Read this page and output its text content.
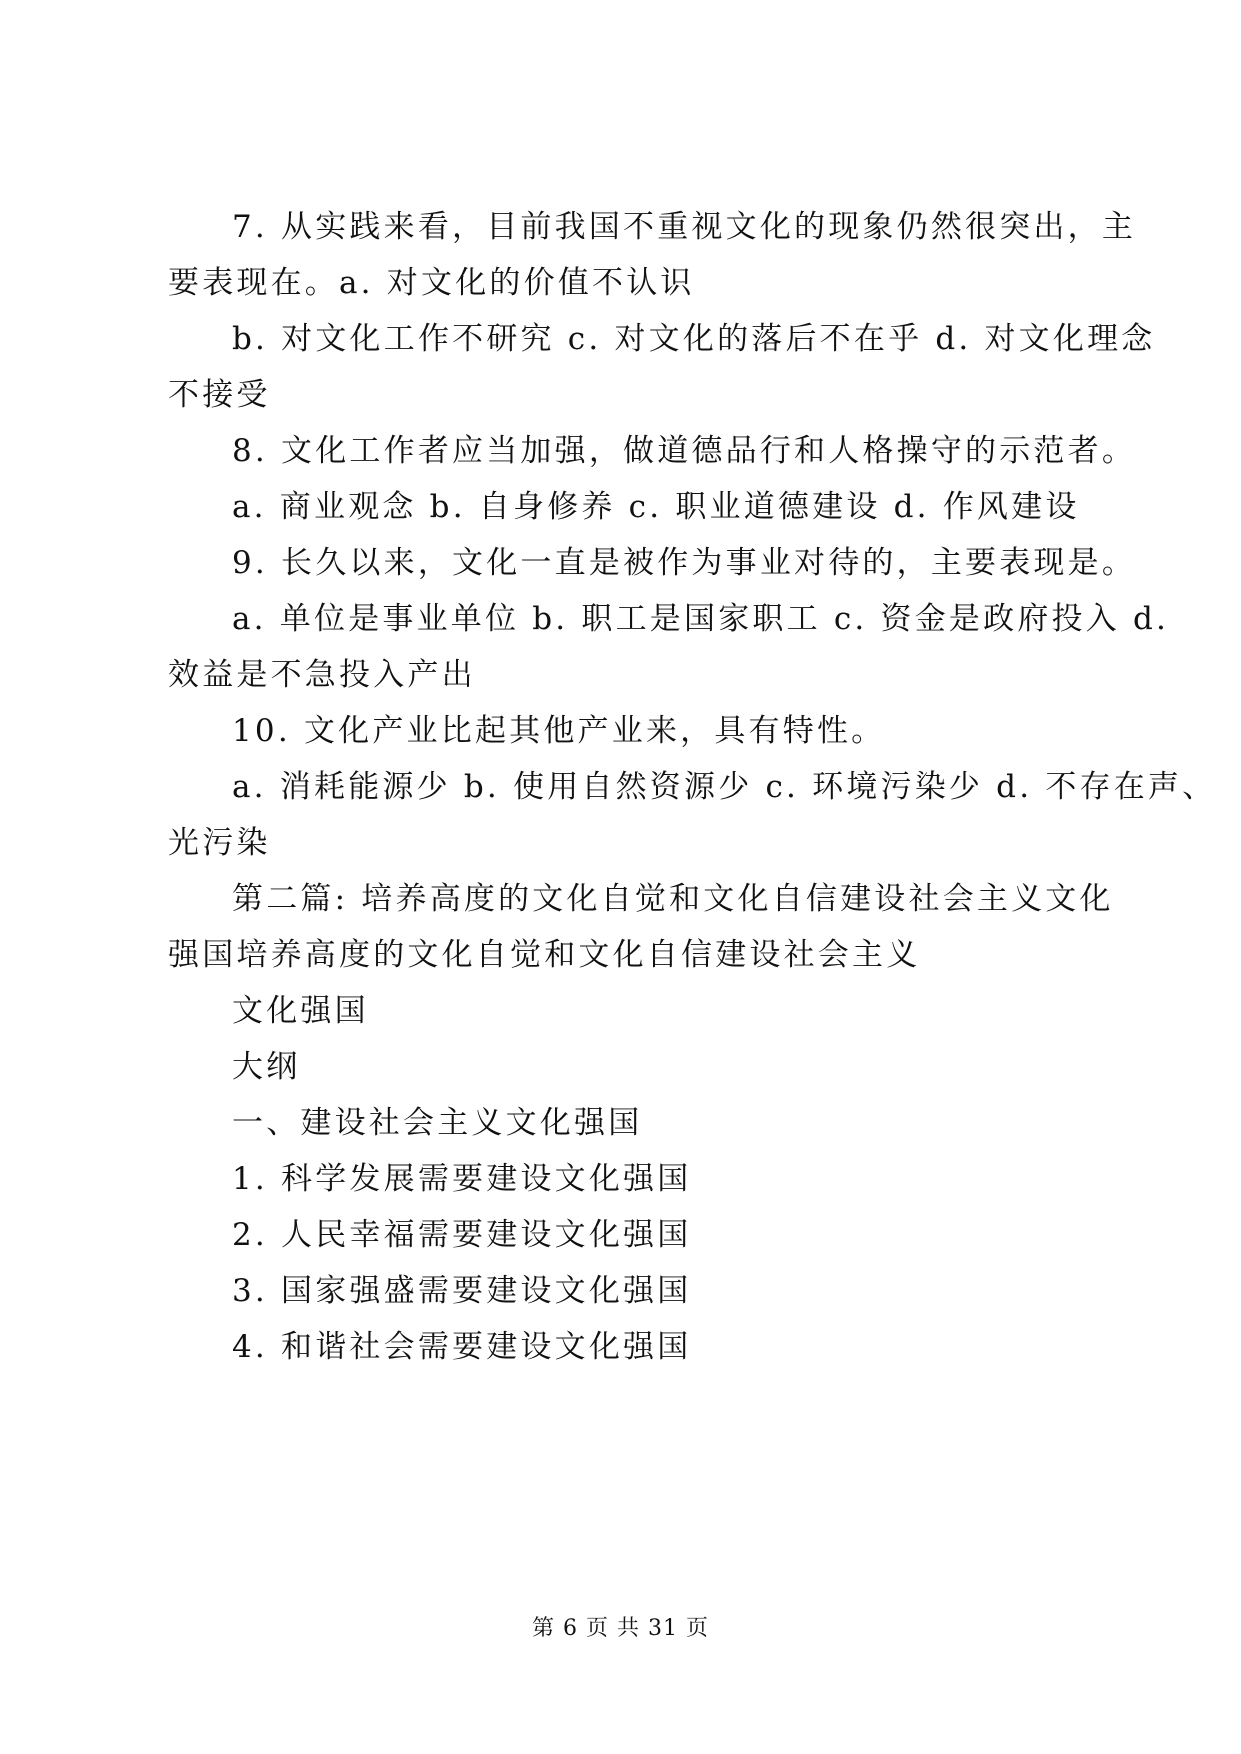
7. 从实践来看，目前我国不重视文化的现象仍然很突出，主
要表现在。a. 对文化的价值不认识
b. 对文化工作不研究 c. 对文化的落后不在乎 d. 对文化理念
不接受
8. 文化工作者应当加强，做道德品行和人格操守的示范者。
a. 商业观念 b. 自身修养 c. 职业道德建设 d. 作风建设
9. 长久以来，文化一直是被作为事业对待的，主要表现是。
a. 单位是事业单位 b. 职工是国家职工 c. 资金是政府投入 d.
效益是不急投入产出
10. 文化产业比起其他产业来，具有特性。
a. 消耗能源少 b. 使用自然资源少 c. 环境污染少 d. 不存在声、
光污染
第二篇: 培养高度的文化自觉和文化自信建设社会主义文化
强国培养高度的文化自觉和文化自信建设社会主义
文化强国
大纲
一、建设社会主义文化强国
1. 科学发展需要建设文化强国
2. 人民幸福需要建设文化强国
3. 国家强盛需要建设文化强国
4. 和谐社会需要建设文化强国
第 6 页 共 31 页
